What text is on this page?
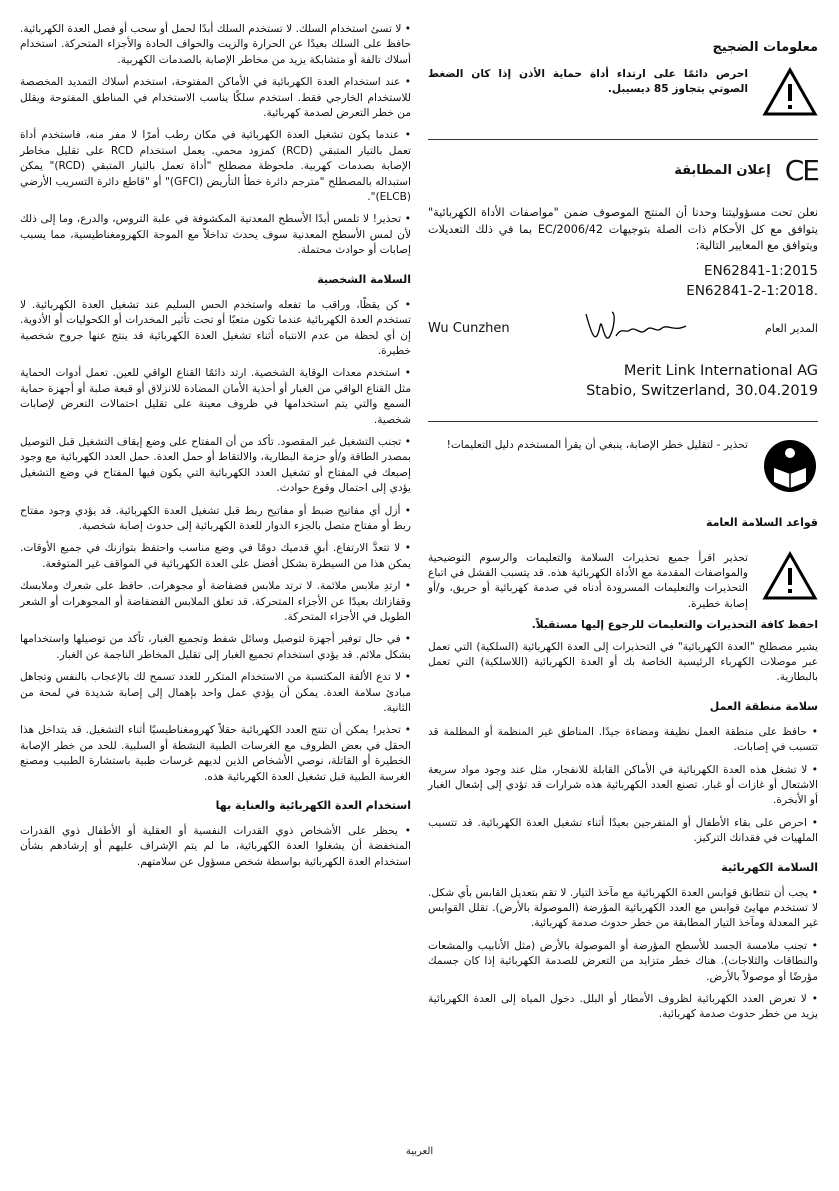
معلومات الضجيج
احرص دائمًا على ارتداء أداة حماية الأذن إذا كان الضغط الصوتي يتجاوز 85 ديسيبل.
CE
إعلان المطابقة
نعلن تحت مسؤوليتنا وحدنا أن المنتج الموصوف ضمن "مواصفات الأداة الكهربائية" يتوافق مع كل الأحكام ذات الصلة بتوجيهات 2006/42/EC بما في ذلك التعديلات ويتوافق مع المعايير التالية:
EN62841-1:2015
EN62841-2-1:2018.
Wu Cunzhen	المدير العام
Merit Link International AG
Stabio, Switzerland, 30.04.2019
تحذير - لتقليل خطر الإصابة، ينبغي أن يقرأ المستخدم دليل التعليمات!
قواعد السلامة العامة
تحذير اقرأ جميع تحذيرات السلامة والتعليمات والرسوم التوضيحية والمواصفات المقدمة مع الأداة الكهربائية هذه. قد يتسبب الفشل في اتباع التحذيرات والتعليمات المسرودة أدناه في صدمة كهربائية أو حريق، و/أو إصابة خطيرة.
احفظ كافة التحذيرات والتعليمات للرجوع إليها مستقبلاً.
يشير مصطلح "العدة الكهربائية" في التحذيرات إلى العدة الكهربائية (السلكية) التي تعمل عبر موصلات الكهرباء الرئيسية الخاصة بك أو العدة الكهربائية (اللاسلكية) التي تعمل بالبطارية.
سلامة منطقة العمل
• حافظ على منطقة العمل نظيفة ومضاءة جيدًا. المناطق غير المنظمة أو المظلمة قد تتسبب في إصابات.
• لا تشغل هذه العدة الكهربائية في الأماكن القابلة للانفجار، مثل عند وجود مواد سريعة الاشتعال أو غازات أو غبار. تصنع العدد الكهربائية هذه شرارات قد تؤدي إلى إشعال الغبار أو الأبخرة.
• احرص على بقاء الأطفال أو المتفرجين بعيدًا أثناء تشغيل العدة الكهربائية. قد تتسبب الملهيات في فقدانك التركيز.
السلامة الكهربائية
• يجب أن تتطابق قوابس العدة الكهربائية مع مآخذ التيار. لا تقم بتعديل القابس بأي شكل. لا تستخدم مهايئ قوابس مع العدد الكهربائية المؤرضة (الموصولة بالأرض). تقلل القوابس غير المعدلة ومآخذ التيار المطابقة من خطر حدوث صدمة كهربائية.
• تجنب ملامسة الجسد للأسطح المؤرضة أو الموصولة بالأرض (مثل الأنابيب والمشعات والنطاقات والثلاجات). هناك خطر متزايد من التعرض للصدمة الكهربائية إذا كان جسمك مؤرضًا أو موصولاً بالأرض.
• لا تعرض العدد الكهربائية لظروف الأمطار أو البلل. دخول المياه إلى العدة الكهربائية يزيد من خطر حدوث صدمة كهربائية.
• لا تسئ استخدام السلك. لا تستخدم السلك أبدًا لحمل أو سحب أو فصل العدة الكهربائية. حافظ على السلك بعيدًا عن الحرارة والزيت والحواف الحادة والأجزاء المتحركة. استخدام أسلاك تالفة أو متشابكة يزيد من مخاطر الإصابة بالصدمات الكهربية.
• عند استخدام العدة الكهربائية في الأماكن المفتوحة، استخدم أسلاك التمديد المخصصة للاستخدام الخارجي فقط. استخدم سلكًا يناسب الاستخدام في المناطق المفتوحة ويقلل من خطر التعرض لصدمة كهربائية.
• عندما يكون تشغيل العدة الكهربائية في مكان رطب أمرًا لا مفر منه، فاستخدم أداة تعمل بالتيار المتبقي (RCD) كمزود محمي. يعمل استخدام RCD على تقليل مخاطر الإصابة بصدمات كهربية. ملحوظة مصطلح "أداة تعمل بالتيار المتبقي (RCD)" يمكن استبداله بالمصطلح "مترجم دائرة خطأ التأريض (GFCI)" أو "قاطع دائرة التسريب الأرضي (ELCB)".
• تحذير! لا تلمس أبدًا الأسطح المعدنية المكشوفة في علبة التروس، والدرع، وما إلى ذلك لأن لمس الأسطح المعدنية سوف يحدث تداخلاً مع الموجة الكهرومغناطيسية، مما يسبب إصابات أو حوادث محتملة.
السلامة الشخصية
• كن يقظًا، وراقب ما تفعله واستخدم الحس السليم عند تشغيل العدة الكهربائية. لا تستخدم العدة الكهربائية عندما تكون متعبًا أو تحت تأثير المخدرات أو الكحوليات أو الأدوية. إن أي لحظة من عدم الانتباه أثناء تشغيل العدة الكهربائية قد ينتج عنها جروح شخصية خطيرة.
• استخدم معدات الوقاية الشخصية. ارتد دائمًا القناع الواقي للعين. تعمل أدوات الحماية مثل القناع الواقي من الغبار أو أحذية الأمان المضادة للانزلاق أو قبعة صلبة أو أجهزة حماية السمع والتي يتم استخدامها في ظروف معينة على تقليل احتمالات التعرض لإصابات شخصية.
• تجنب التشغيل غير المقصود. تأكد من أن المفتاح على وضع إيقاف التشغيل قبل التوصيل بمصدر الطاقة و/أو حزمة البطارية، والالتقاط أو حمل العدة. حمل العدد الكهربائية مع وجود إصبعك في المفتاح أو تشغيل العدد الكهربائية التي يكون فيها المفتاح في وضع التشغيل يؤدي إلى احتمال وقوع حوادث.
• أزل أي مفاتيح ضبط أو مفاتيح ربط قبل تشغيل العدة الكهربائية. قد يؤدي وجود مفتاح ربط أو مفتاح متصل بالجزء الدوار للعدة الكهربائية إلى حدوث إصابة شخصية.
• لا تتعدَّ الارتفاع. أبقِ قدميك دومًا في وضع مناسب واحتفظ بتوازنك في جميع الأوقات. يمكن هذا من السيطرة بشكل أفضل على العدة الكهربائية في المواقف غير المتوقعة.
• ارتدِ ملابس ملائمة. لا ترتد ملابس فضفاضة أو مجوهرات. حافظ على شعرك وملابسك وقفازاتك بعيدًا عن الأجزاء المتحركة. قد تعلق الملابس الفضفاضة أو المجوهرات أو الشعر الطويل في الأجزاء المتحركة.
• في حال توفير أجهزة لتوصيل وسائل شفط وتجميع الغبار، تأكد من توصيلها واستخدامها بشكل ملائم. قد يؤدي استخدام تجميع الغبار إلى تقليل المخاطر الناجمة عن الغبار.
• لا تدع الألفة المكتسبة من الاستخدام المتكرر للعدد تسمح لك بالإعجاب بالنفس وتجاهل مبادئ سلامة العدة. يمكن أن يؤدي عمل واحد بإهمال إلى إصابة شديدة في لمحة من الثانية.
• تحذير! يمكن أن تنتج العدد الكهربائية حقلاً كهرومغناطيسيًا أثناء التشغيل. قد يتداخل هذا الحقل في بعض الظروف مع الغرسات الطبية النشطة أو السلبية. للحد من خطر الإصابة الخطيرة أو القاتلة، نوصي الأشخاص الذين لديهم غرسات طبية باستشارة الطبيب ومصنع الغرسة الطبية قبل تشغيل العدة الكهربائية هذه.
استخدام العدة الكهربائية والعناية بها
• يحظر على الأشخاص ذوي القدرات النفسية أو العقلية أو الأطفال ذوي القدرات المنخفضة أن يشغلوا العدة الكهربائية، ما لم يتم الإشراف عليهم أو إرشادهم بشأن استخدام العدة الكهربائية بواسطة شخص مسؤول عن سلامتهم.
العربية
